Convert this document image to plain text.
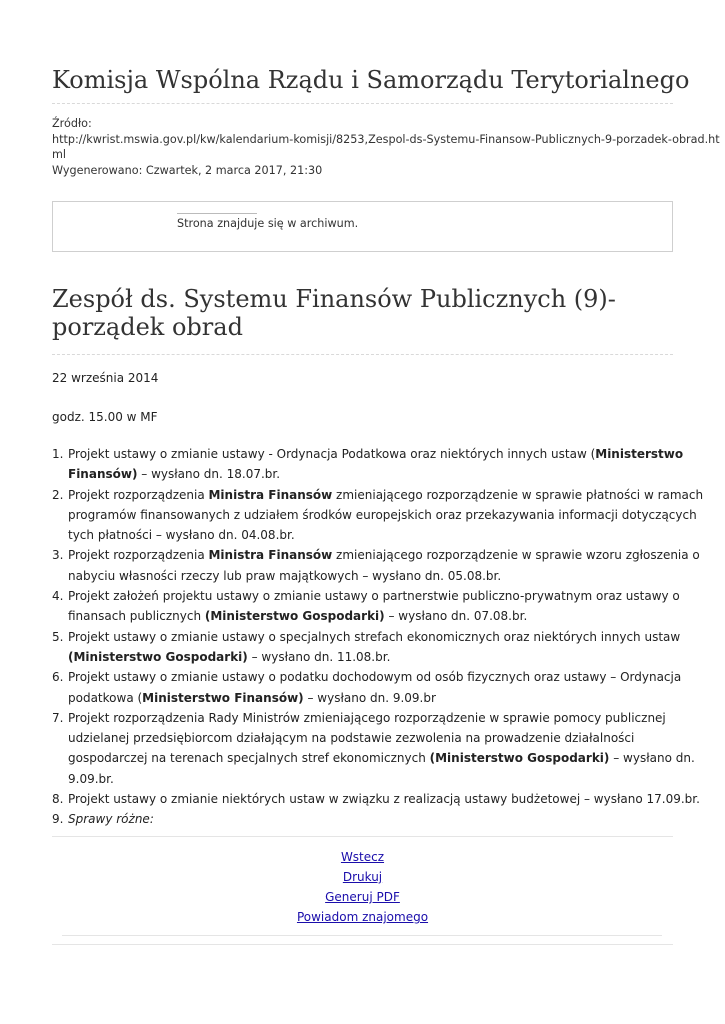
Komisja Wspólna Rządu i Samorządu Terytorialnego
Źródło:
http://kwrist.mswia.gov.pl/kw/kalendarium-komisji/8253,Zespol-ds-Systemu-Finansow-Publicznych-9-porzadek-obrad.ht
ml
Wygenerowano: Czwartek, 2 marca 2017, 21:30
Strona znajduje się w archiwum.
Zespół ds. Systemu Finansów Publicznych (9)-
porządek obrad
22 września 2014
godz. 15.00 w MF
1. Projekt ustawy o zmianie ustawy - Ordynacja Podatkowa oraz niektórych innych ustaw (Ministerstwo
Finansów) – wysłano dn. 18.07.br.
2. Projekt rozporządzenia Ministra Finansów zmieniającego rozporządzenie w sprawie płatności w ramach
programów finansowanych z udziałem środków europejskich oraz przekazywania informacji dotyczących
tych płatności – wysłano dn. 04.08.br.
3. Projekt rozporządzenia Ministra Finansów zmieniającego rozporządzenie w sprawie wzoru zgłoszenia o
nabyciu własności rzeczy lub praw majątkowych – wysłano dn. 05.08.br.
4. Projekt założeń projektu ustawy o zmianie ustawy o partnerstwie publiczno-prywatnym oraz ustawy o
finansach publicznych (Ministerstwo Gospodarki) – wysłano dn. 07.08.br.
5. Projekt ustawy o zmianie ustawy o specjalnych strefach ekonomicznych oraz niektórych innych ustaw
(Ministerstwo Gospodarki) – wysłano dn. 11.08.br.
6. Projekt ustawy o zmianie ustawy o podatku dochodowym od osób fizycznych oraz ustawy – Ordynacja
podatkowa (Ministerstwo Finansów) – wysłano dn. 9.09.br
7. Projekt rozporządzenia Rady Ministrów zmieniającego rozporządzenie w sprawie pomocy publicznej
udzielanej przedsiębiorcom działającym na podstawie zezwolenia na prowadzenie działalności
gospodarczej na terenach specjalnych stref ekonomicznych (Ministerstwo Gospodarki) – wysłano dn.
9.09.br.
8. Projekt ustawy o zmianie niektórych ustaw w związku z realizacją ustawy budżetowej – wysłano 17.09.br.
9. Sprawy różne:
Wstecz
Drukuj
Generuj PDF
Powiadom znajomego
